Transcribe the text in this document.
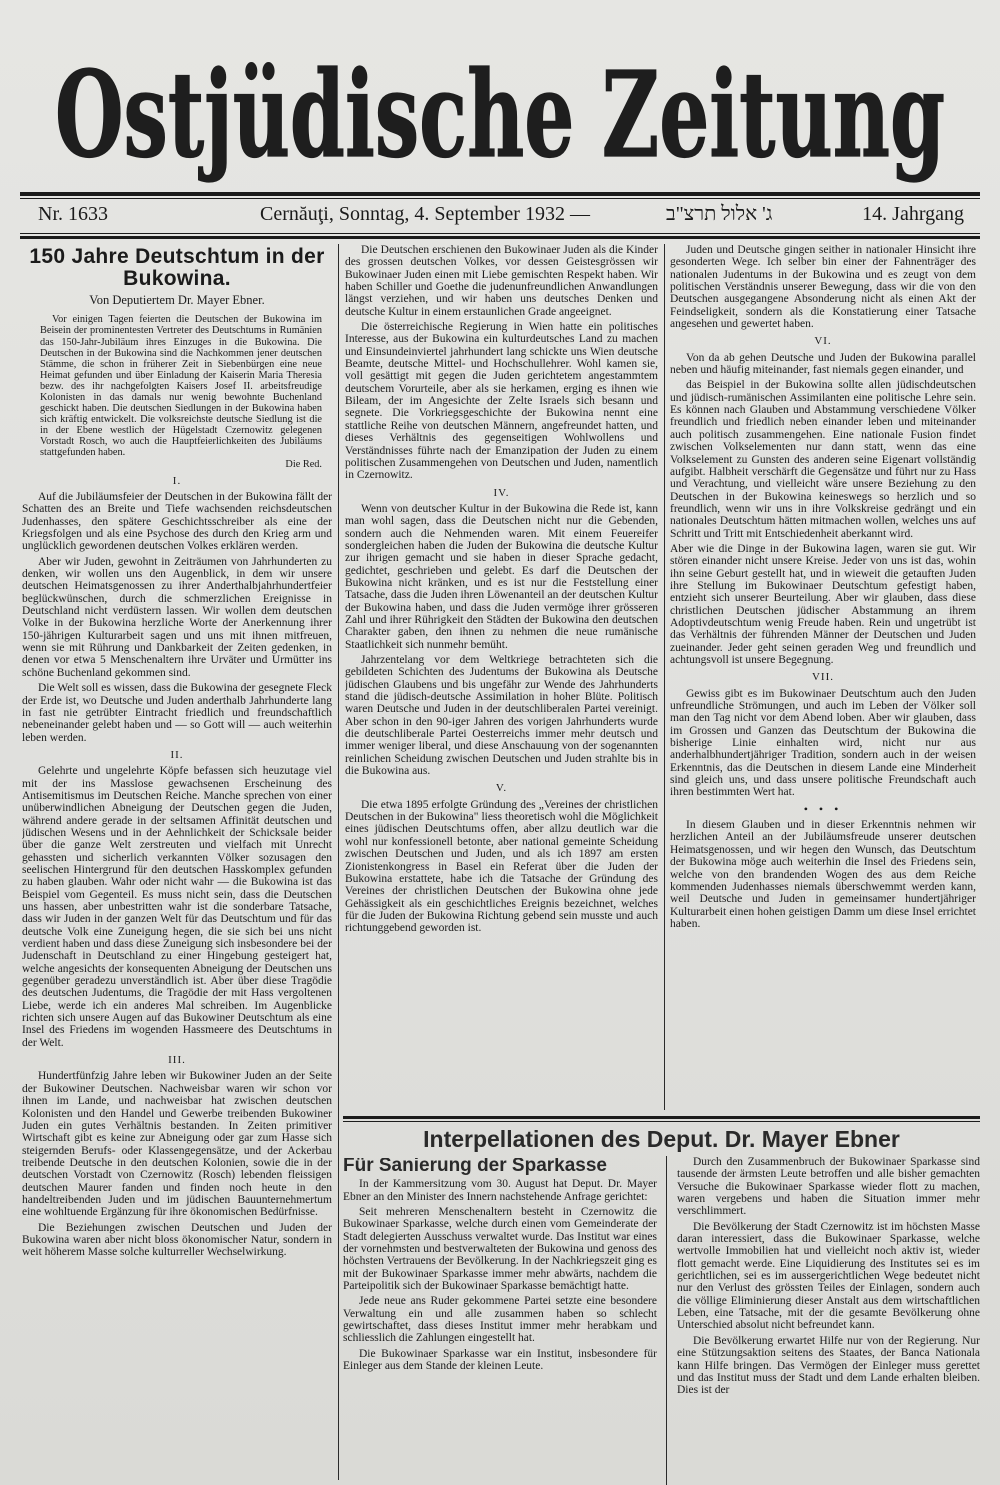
Ostjüdische Zeitung
Nr. 1633	Cernăuţi, Sonntag, 4. September 1932 —	ג' אלול תרצ"ב	14. Jahrgang
150 Jahre Deutschtum in der Bukowina.
Von Deputiertem Dr. Mayer Ebner.

Vor einigen Tagen feierten die Deutschen der Bukowina im Beisein der prominentesten Vertreter des Deutschtums in Rumänien das 150-Jahr-Jubiläum ihres Einzuges in die Bukowina. Die Deutschen in der Bukowina sind die Nachkommen jener deutschen Stämme, die schon in früherer Zeit in Siebenbürgen eine neue Heimat gefunden und über Einladung der Kaiserin Maria Theresia bezw. des ihr nachgefolgten Kaisers Josef II. arbeitsfreudige Kolonisten in das damals nur wenig bewohnte Buchenland geschickt haben. Die deutschen Siedlungen in der Bukowina haben sich kräftig entwickelt. Die volksreichste deutsche Siedlung ist die in der Ebene westlich der Hügelstadt Czernowitz gelegenen Vorstadt Rosch, wo auch die Hauptfeierlichkeiten des Jubiläums stattgefunden haben.

Die Red.

I.

Auf die Jubiläumsfeier der Deutschen in der Bukowina fällt der Schatten des an Breite und Tiefe wachsenden reichsdeutschen Judenhasses, den spätere Geschichtsschreiber als eine der Kriegsfolgen und als eine Psychose des durch den Krieg arm und unglücklich gewordenen deutschen Volkes erklären werden.

Aber wir Juden, gewohnt in Zeiträumen von Jahrhunderten zu denken, wir wollen uns den Augenblick, in dem wir unsere deutschen Heimatsgenossen zu ihrer Anderthalbjahrhundertfeier beglückwünschen, durch die schmerzlichen Ereignisse in Deutschland nicht verdüstern lassen. Wir wollen dem deutschen Volke in der Bukowina herzliche Worte der Anerkennung ihrer 150-jährigen Kulturarbeit sagen und uns mit ihnen mitfreuen, wenn sie mit Rührung und Dankbarkeit der Zeiten gedenken, in denen vor etwa 5 Menschenaltern ihre Urväter und Urmütter ins schöne Buchenland gekommen sind.

Die Welt soll es wissen, dass die Bukowina der gesegnete Fleck der Erde ist, wo Deutsche und Juden anderthalb Jahrhunderte lang in fast nie getrübter Eintracht friedlich und freundschaftlich nebeneinander gelebt haben und — so Gott will — auch weiterhin leben werden.

II.

Gelehrte und ungelehrte Köpfe befassen sich heuzutage viel mit der ins Masslose gewachsenen Erscheinung des Antisemitismus im Deutschen Reiche. Manche sprechen von einer unüberwindlichen Abneigung der Deutschen gegen die Juden, während andere gerade in der seltsamen Affinität deutschen und jüdischen Wesens und in der Aehnlichkeit der Schicksale beider über die ganze Welt zerstreuten und vielfach mit Unrecht gehassten und sicherlich verkannten Völker sozusagen den seelischen Hintergrund für den deutschen Hasskomplex gefunden zu haben glauben. Wahr oder nicht wahr — die Bukowina ist das Beispiel vom Gegenteil. Es muss nicht sein, dass die Deutschen uns hassen, aber unbestritten wahr ist die sonderbare Tatsache, dass wir Juden in der ganzen Welt für das Deutschtum und für das deutsche Volk eine Zuneigung hegen, die sie sich bei uns nicht verdient haben und dass diese Zuneigung sich insbesondere bei der Judenschaft in Deutschland zu einer Hingebung gesteigert hat, welche angesichts der konsequenten Abneigung der Deutschen uns gegenüber geradezu unverständlich ist. Aber über diese Tragödie des deutschen Judentums, die Tragödie der mit Hass vergoltenen Liebe, werde ich ein anderes Mal schreiben. Im Augenblicke richten sich unsere Augen auf das Bukowiner Deutschtum als eine Insel des Friedens im wogenden Hassmeere des Deutschtums in der Welt.

III.

Hundertfünfzig Jahre leben wir Bukowiner Juden an der Seite der Bukowiner Deutschen. Nachweisbar waren wir schon vor ihnen im Lande, und nachweisbar hat zwischen deutschen Kolonisten und den Handel und Gewerbe treibenden Bukowiner Juden ein gutes Verhältnis bestanden. In Zeiten primitiver Wirtschaft gibt es keine zur Abneigung oder gar zum Hasse sich steigernden Berufs- oder Klassengegensätze, und der Ackerbau treibende Deutsche in den deutschen Kolonien, sowie die in der deutschen Vorstadt von Czernowitz (Rosch) lebenden fleissigen deutschen Maurer fanden und finden noch heute in den handeltreibenden Juden und im jüdischen Bauunternehmertum eine wohltuende Ergänzung für ihre ökonomischen Bedürfnisse.

Die Beziehungen zwischen Deutschen und Juden der Bukowina waren aber nicht bloss ökonomischer Natur, sondern in weit höherem Masse solche kulturreller Wechselwirkung.

Die Deutschen erschienen den Bukowinaer Juden als die Kinder des grossen deutschen Volkes, vor dessen Geistesgrössen wir Bukowinaer Juden einen mit Liebe gemischten Respekt haben. Wir haben Schiller und Goethe die judenunfreundlichen Anwandlungen längst verziehen, und wir haben uns deutsches Denken und deutsche Kultur in einem erstaunlichen Grade angeeignet.

Die österreichische Regierung in Wien hatte ein politisches Interesse, aus der Bukowina ein kulturdeutsches Land zu machen und Einsundeinviertel jahrhundert lang schickte uns Wien deutsche Beamte, deutsche Mittel- und Hochschullehrer. Wohl kamen sie, voll gesättigt mit gegen die Juden gerichtetem angestammtem deutschem Vorurteile, aber als sie herkamen, erging es ihnen wie Bileam, der im Angesichte der Zelte Israels sich besann und segnete. Die Vorkriegsgeschichte der Bukowina nennt eine stattliche Reihe von deutschen Männern, angefreundet hatten, und dieses Verhältnis des gegenseitigen Wohlwollens und Verständnisses führte nach der Emanzipation der Juden zu einem politischen Zusammengehen von Deutschen und Juden, namentlich in Czernowitz.

IV.

Wenn von deutscher Kultur in der Bukowina die Rede ist, kann man wohl sagen, dass die Deutschen nicht nur die Gebenden, sondern auch die Nehmenden waren. Mit einem Feuereifer sondergleichen haben die Juden der Bukowina die deutsche Kultur zur ihrigen gemacht und sie haben in dieser Sprache gedacht, gedichtet, geschrieben und gelebt. Es darf die Deutschen der Bukowina nicht kränken, und es ist nur die Feststellung einer Tatsache, dass die Juden ihren Löwenanteil an der deutschen Kultur der Bukowina haben, und dass die Juden vermöge ihrer grösseren Zahl und ihrer Rührigkeit den Städten der Bukowina den deutschen Charakter gaben, den ihnen zu nehmen die neue rumänische Staatlichkeit sich nunmehr bemüht.

Jahrzentelang vor dem Weltkriege betrachteten sich die gebildeten Schichten des Judentums der Bukowina als Deutsche jüdischen Glaubens und bis ungefähr zur Wende des Jahrhunderts stand die jüdisch-deutsche Assimilation in hoher Blüte. Politisch waren Deutsche und Juden in der deutschliberalen Partei vereinigt. Aber schon in den 90-iger Jahren des vorigen Jahrhunderts wurde die deutschliberale Partei Oesterreichs immer mehr deutsch und immer weniger liberal, und diese Anschauung von der sogenannten reinlichen Scheidung zwischen Deutschen und Juden strahlte bis in die Bukowina aus.

V.

Die etwa 1895 erfolgte Gründung des „Vereines der christlichen Deutschen in der Bukowina" liess theoretisch wohl die Möglichkeit eines jüdischen Deutschtums offen, aber allzu deutlich war die wohl nur konfessionell betonte, aber national gemeinte Scheidung zwischen Deutschen und Juden, und als ich 1897 am ersten Zionistenkongress in Basel ein Referat über die Juden der Bukowina erstattete, habe ich die Tatsache der Gründung des Vereines der christlichen Deutschen der Bukowina ohne jede Gehässigkeit als ein geschichtliches Ereignis bezeichnet, welches für die Juden der Bukowina Richtung gebend sein musste und auch richtunggebend geworden ist.

Juden und Deutsche gingen seither in nationaler Hinsicht ihre gesonderten Wege. Ich selber bin einer der Fahnenträger des nationalen Judentums in der Bukowina und es zeugt von dem politischen Verständnis unserer Bewegung, dass wir die von den Deutschen ausgegangene Absonderung nicht als einen Akt der Feindseligkeit, sondern als die Konstatierung einer Tatsache angesehen und gewertet haben.

VI.

Von da ab gehen Deutsche und Juden der Bukowina parallel neben und häufig miteinander, fast niemals gegen einander, und

das Beispiel in der Bukowina sollte allen jüdischdeutschen und jüdisch-rumänischen Assimilanten eine politische Lehre sein. Es können nach Glauben und Abstammung verschiedene Völker freundlich und friedlich neben einander leben und miteinander auch politisch zusammengehen. Eine nationale Fusion findet zwischen Volkselementen nur dann statt, wenn das eine Volkselement zu Gunsten des anderen seine Eigenart vollständig aufgibt. Halbheit verschärft die Gegensätze und führt nur zu Hass und Verachtung, und vielleicht wäre unsere Beziehung zu den Deutschen in der Bukowina keineswegs so herzlich und so freundlich, wenn wir uns in ihre Volkskreise gedrängt und ein nationales Deutschtum hätten mitmachen wollen, welches uns auf Schritt und Tritt mit Entschiedenheit aberkannt wird.

Aber wie die Dinge in der Bukowina lagen, waren sie gut. Wir stören einander nicht unsere Kreise. Jeder von uns ist das, wohin ihn seine Geburt gestellt hat, und in wieweit die getauften Juden ihre Stellung im Bukowinaer Deutschtum gefestigt haben, entzieht sich unserer Beurteilung. Aber wir glauben, dass diese christlichen Deutschen jüdischer Abstammung an ihrem Adoptivdeutschtum wenig Freude haben. Rein und ungetrübt ist das Verhältnis der führenden Männer der Deutschen und Juden zueinander. Jeder geht seinen geraden Weg und freundlich und achtungsvoll ist unsere Begegnung.

VII.

Gewiss gibt es im Bukowinaer Deutschtum auch den Juden unfreundliche Strömungen, und auch im Leben der Völker soll man den Tag nicht vor dem Abend loben. Aber wir glauben, dass im Grossen und Ganzen das Deutschtum der Bukowina die bisherige Linie einhalten wird, nicht nur aus anderhalbhundertjähriger Tradition, sondern auch in der weisen Erkenntnis, das die Deutschen in diesem Lande eine Minderheit sind gleich uns, und dass unsere politische Freundschaft auch ihren bestimmten Wert hat.

• • •

In diesem Glauben und in dieser Erkenntnis nehmen wir herzlichen Anteil an der Jubiläumsfreude unserer deutschen Heimatsgenossen, und wir hegen den Wunsch, das Deutschtum der Bukowina möge auch weiterhin die Insel des Friedens sein, welche von den brandenden Wogen des aus dem Reiche kommenden Judenhasses niemals überschwemmt werden kann, weil Deutsche und Juden in gemeinsamer hundertjähriger Kulturarbeit einen hohen geistigen Damm um diese Insel errichtet haben.

Interpellationen des Deput. Dr. Mayer Ebner
Für Sanierung der Sparkasse

In der Kammersitzung vom 30. August hat Deput. Dr. Mayer Ebner an den Minister des Innern nachstehende Anfrage gerichtet:

Seit mehreren Menschenaltern besteht in Czernowitz die Bukowinaer Sparkasse, welche durch einen vom Gemeinderate der Stadt delegierten Ausschuss verwaltet wurde. Das Institut war eines der vornehmsten und bestverwalteten der Bukowina und genoss des höchsten Vertrauens der Bevölkerung. In der Nachkriegszeit ging es mit der Bukowinaer Sparkasse immer mehr abwärts, nachdem die Parteipolitik sich der Bukowinaer Sparkasse bemächtigt hatte.

Jede neue ans Ruder gekommene Partei setzte eine besondere Verwaltung ein und alle zusammen haben so schlecht gewirtschaftet, dass dieses Institut immer mehr herabkam und schliesslich die Zahlungen eingestellt hat.

Die Bukowinaer Sparkasse war ein Institut, insbesondere für Einleger aus dem Stande der kleinen Leute.

Durch den Zusammenbruch der Bukowinaer Sparkasse sind tausende der ärmsten Leute betroffen und alle bisher gemachten Versuche die Bukowinaer Sparkasse wieder flott zu machen, waren vergebens und haben die Situation immer mehr verschlimmert.

Die Bevölkerung der Stadt Czernowitz ist im höchsten Masse daran interessiert, dass die Bukowinaer Sparkasse, welche wertvolle Immobilien hat und vielleicht noch aktiv ist, wieder flott gemacht werde. Eine Liquidierung des Institutes sei es im gerichtlichen, sei es im aussergerichtlichen Wege bedeutet nicht nur den Verlust des grössten Teiles der Einlagen, sondern auch die völlige Eliminierung dieser Anstalt aus dem wirtschaftlichen Leben, eine Tatsache, mit der die gesamte Bevölkerung ohne Unterschied absolut nicht befreundet kann.

Die Bevölkerung erwartet Hilfe nur von der Regierung. Nur eine Stützungsaktion seitens des Staates, der Banca Nationala kann Hilfe bringen. Das Vermögen der Einleger muss gerettet und das Institut muss der Stadt und dem Lande erhalten bleiben. Dies ist der
